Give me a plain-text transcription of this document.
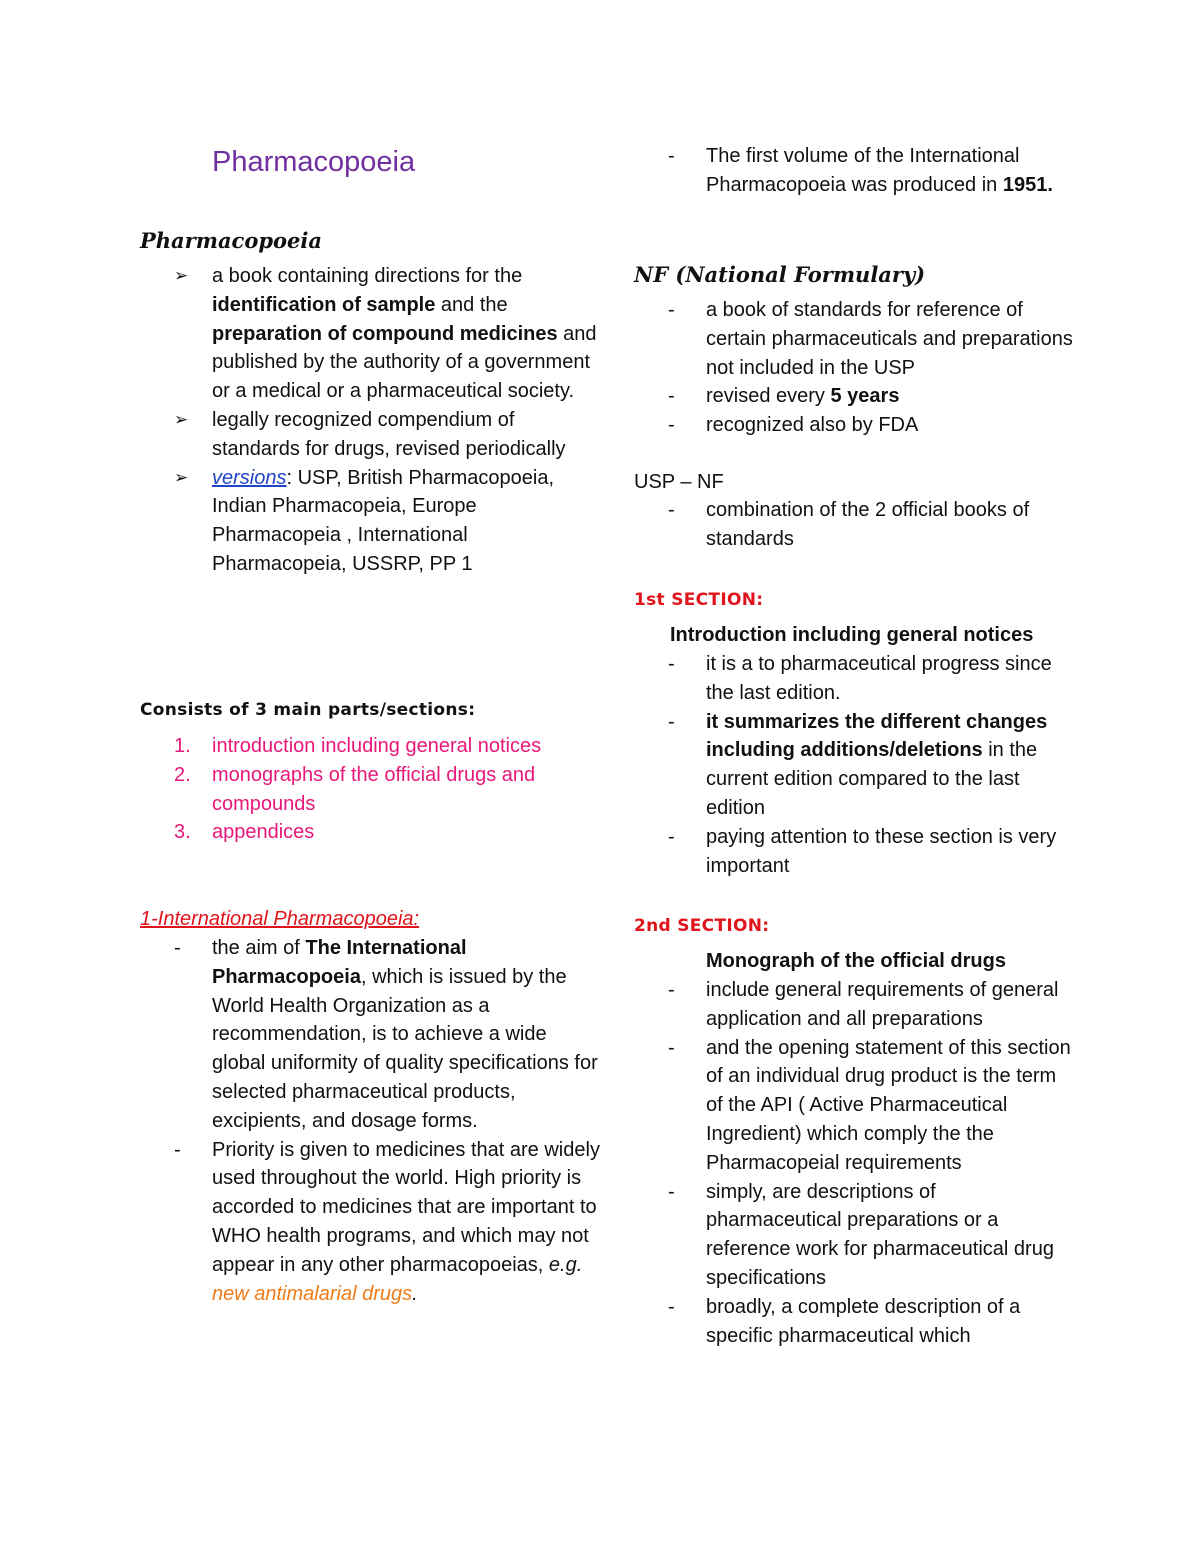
Pharmacopoeia
Pharmacopoeia
➢ a book containing directions for the identification of sample and the preparation of compound medicines and published by the authority of a government or a medical or a pharmaceutical society.
➢ legally recognized compendium of standards for drugs, revised periodically
➢ versions: USP, British Pharmacopoeia, Indian Pharmacopeia, Europe Pharmacopeia , International Pharmacopeia, USSRP, PP 1
Consists of 3 main parts/sections:
1. introduction including general notices
2. monographs of the official drugs and compounds
3. appendices

1-International Pharmacopoeia:

- the aim of The International Pharmacopoeia, which is issued by the World Health Organization as a recommendation, is to achieve a wide global uniformity of quality specifications for selected pharmaceutical products, excipients, and dosage forms.
- Priority is given to medicines that are widely used throughout the world. High priority is accorded to medicines that are important to WHO health programs, and which may not appear in any other pharmacopoeias, e.g. new antimalarial drugs.
- The first volume of the International Pharmacopoeia was produced in 1951.
NF (National Formulary)
- a book of standards for reference of certain pharmaceuticals and preparations not included in the USP
- revised every 5 years
- recognized also by FDA

USP – NF

- combination of the 2 official books of standards
1st SECTION:

Introduction including general notices

- it is a to pharmaceutical progress since the last edition.
- it summarizes the different changes including additions/deletions in the current edition compared to the last edition
- paying attention to these section is very important
2nd SECTION:

Monograph of the official drugs

- include general requirements of general application and all preparations
- and the opening statement of this section of an individual drug product is the term of the API ( Active Pharmaceutical Ingredient) which comply the the Pharmacopeial requirements
- simply, are descriptions of pharmaceutical preparations or a reference work for pharmaceutical drug specifications
- broadly, a complete description of a specific pharmaceutical which
